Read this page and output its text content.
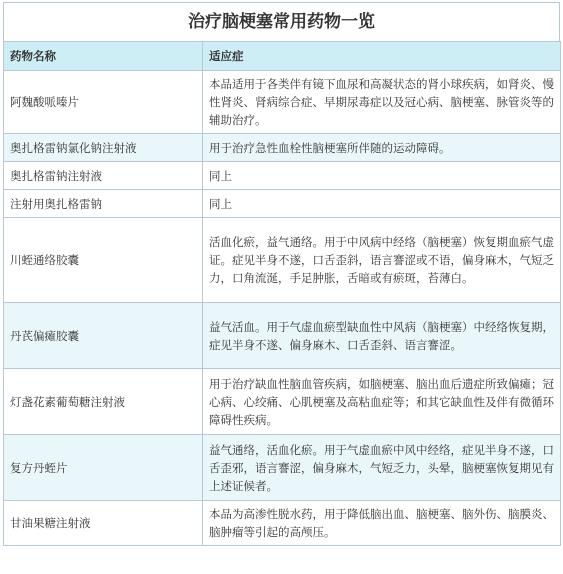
治疗脑梗塞常用药物一览
药物名称	适应症
阿魏酸哌嗪片	本品适用于各类伴有镜下血尿和高凝状态的肾小球疾病，如肾炎、慢性肾炎、肾病综合症、早期尿毒症以及冠心病、脑梗塞、脉管炎等的辅助治疗。
奥扎格雷钠氯化钠注射液	用于治疗急性血栓性脑梗塞所伴随的运动障碍。
奥扎格雷钠注射液	同上
注射用奥扎格雷钠	同上
川蛭通络胶囊	活血化瘀，益气通络。用于中风病中经络（脑梗塞）恢复期血瘀气虚证。症见半身不遂，口舌歪斜，语言謇涩或不语，偏身麻木，气短乏力，口角流涎，手足肿胀，舌暗或有瘀斑，苔薄白。
丹芪偏瘫胶囊	益气活血。用于气虚血瘀型缺血性中风病（脑梗塞）中经络恢复期，症见半身不遂、偏身麻木、口舌歪斜、语言謇涩。
灯盏花素葡萄糖注射液	用于治疗缺血性脑血管疾病，如脑梗塞、脑出血后遗症所致偏瘫；冠心病、心绞痛、心肌梗塞及高粘血症等；和其它缺血性及伴有微循环障碍性疾病。
复方丹蛭片	益气通络，活血化瘀。用于气虚血瘀中风中经络，症见半身不遂，口舌歪邪，语言謇涩，偏身麻木，气短乏力，头晕，脑梗塞恢复期见有上述证候者。
甘油果糖注射液	本品为高渗性脱水药，用于降低脑出血、脑梗塞、脑外伤、脑膜炎、脑肿瘤等引起的高颅压。
